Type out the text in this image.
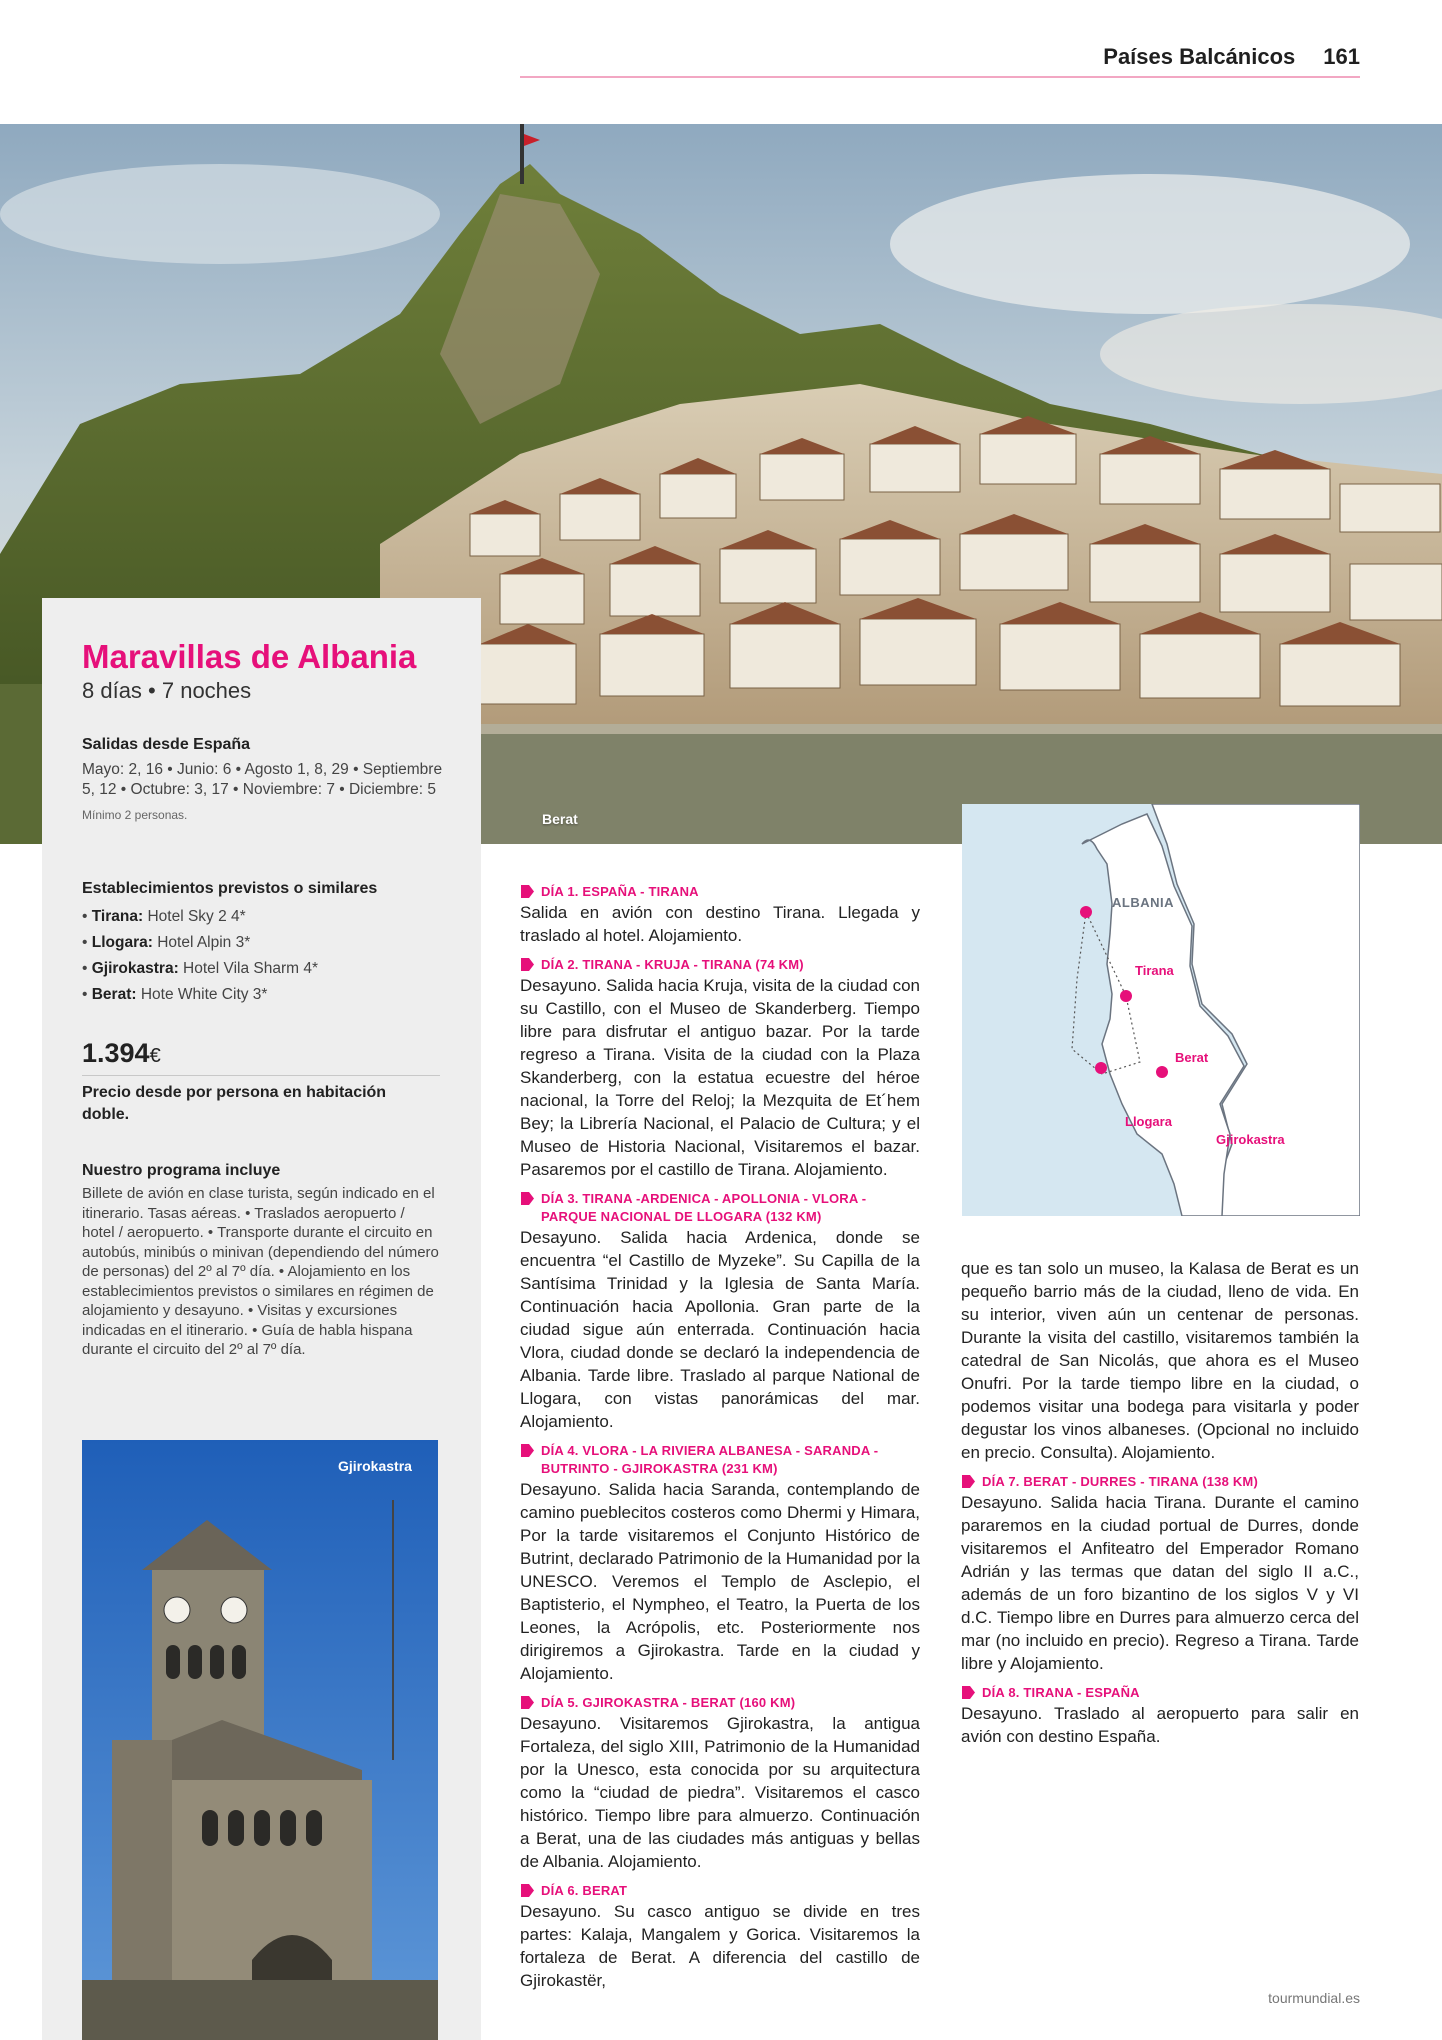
Países Balcánicos 161
Berat
Maravillas de Albania
8 días • 7 noches
Salidas desde España
Mayo: 2, 16 • Junio: 6 • Agosto 1, 8, 29 • Septiembre 5, 12 • Octubre: 3, 17 • Noviembre: 7 • Diciembre: 5
Mínimo 2 personas.
Establecimientos previstos o similares
• Tirana: Hotel Sky 2 4*
• Llogara: Hotel Alpin 3*
• Gjirokastra: Hotel Vila Sharm 4*
• Berat: Hote White City 3*
1.394€
Precio desde por persona en habitación doble.
Nuestro programa incluye
Billete de avión en clase turista, según indicado en el itinerario. Tasas aéreas. • Traslados aeropuerto / hotel / aeropuerto. • Transporte durante el circuito en autobús, minibús o minivan (dependiendo del número de personas) del 2º al 7º día. • Alojamiento en los establecimientos previstos o similares en régimen de alojamiento y desayuno. • Visitas y excursiones indicadas en el itinerario. • Guía de habla hispana durante el circuito del 2º al 7º día.
Gjirokastra
ALBANIA
Tirana
Berat
Llogara
Gjirokastra
DÍA 1. ESPAÑA - TIRANA
Salida en avión con destino Tirana. Llegada y traslado al hotel. Alojamiento.
DÍA 2. TIRANA - KRUJA - TIRANA (74 KM)
Desayuno. Salida hacia Kruja, visita de la ciudad con su Castillo, con el Museo de Skanderberg. Tiempo libre para disfrutar el antiguo bazar. Por la tarde regreso a Tirana. Visita de la ciudad con la Plaza Skanderberg, con la estatua ecuestre del héroe nacional, la Torre del Reloj; la Mezquita de Et´hem Bey; la Librería Nacional, el Palacio de Cultura; y el Museo de Historia Nacional, Visitaremos el bazar. Pasaremos por el castillo de Tirana. Alojamiento.
DÍA 3. TIRANA -ARDENICA - APOLLONIA - VLORA - PARQUE NACIONAL DE LLOGARA (132 KM)
Desayuno. Salida hacia Ardenica, donde se encuentra “el Castillo de Myzeke”. Su Capilla de la Santísima Trinidad y la Iglesia de Santa María. Continuación hacia Apollonia. Gran parte de la ciudad sigue aún enterrada. Continuación hacia Vlora, ciudad donde se declaró la independencia de Albania. Tarde libre. Traslado al parque National de Llogara, con vistas panorámicas del mar. Alojamiento.
DÍA 4. VLORA - LA RIVIERA ALBANESA - SARANDA - BUTRINTO - GJIROKASTRA (231 KM)
Desayuno. Salida hacia Saranda, contemplando de camino pueblecitos costeros como Dhermi y Himara, Por la tarde visitaremos el Conjunto Histórico de Butrint, declarado Patrimonio de la Humanidad por la UNESCO. Veremos el Templo de Asclepio, el Baptisterio, el Nympheo, el Teatro, la Puerta de los Leones, la Acrópolis, etc. Posteriormente nos dirigiremos a Gjirokastra. Tarde en la ciudad y Alojamiento.
DÍA 5. GJIROKASTRA - BERAT (160 KM)
Desayuno. Visitaremos Gjirokastra, la antigua Fortaleza, del siglo XIII, Patrimonio de la Humanidad por la Unesco, esta conocida por su arquitectura como la “ciudad de piedra”. Visitaremos el casco histórico. Tiempo libre para almuerzo. Continuación a Berat, una de las ciudades más antiguas y bellas de Albania. Alojamiento.
DÍA 6. BERAT
Desayuno. Su casco antiguo se divide en tres partes: Kalaja, Mangalem y Gorica. Visitaremos la fortaleza de Berat. A diferencia del castillo de Gjirokastër,
que es tan solo un museo, la Kalasa de Berat es un pequeño barrio más de la ciudad, lleno de vida. En su interior, viven aún un centenar de personas. Durante la visita del castillo, visitaremos también la catedral de San Nicolás, que ahora es el Museo Onufri. Por la tarde tiempo libre en la ciudad, o podemos visitar una bodega para visitarla y poder degustar los vinos albaneses. (Opcional no incluido en precio. Consulta). Alojamiento.
DÍA 7. BERAT - DURRES - TIRANA (138 KM)
Desayuno. Salida hacia Tirana. Durante el camino pararemos en la ciudad portual de Durres, donde visitaremos el Anfiteatro del Emperador Romano Adrián y las termas que datan del siglo II a.C., además de un foro bizantino de los siglos V y VI d.C. Tiempo libre en Durres para almuerzo cerca del mar (no incluido en precio). Regreso a Tirana. Tarde libre y Alojamiento.
DÍA 8. TIRANA - ESPAÑA
Desayuno. Traslado al aeropuerto para salir en avión con destino España.
tourmundial.es
